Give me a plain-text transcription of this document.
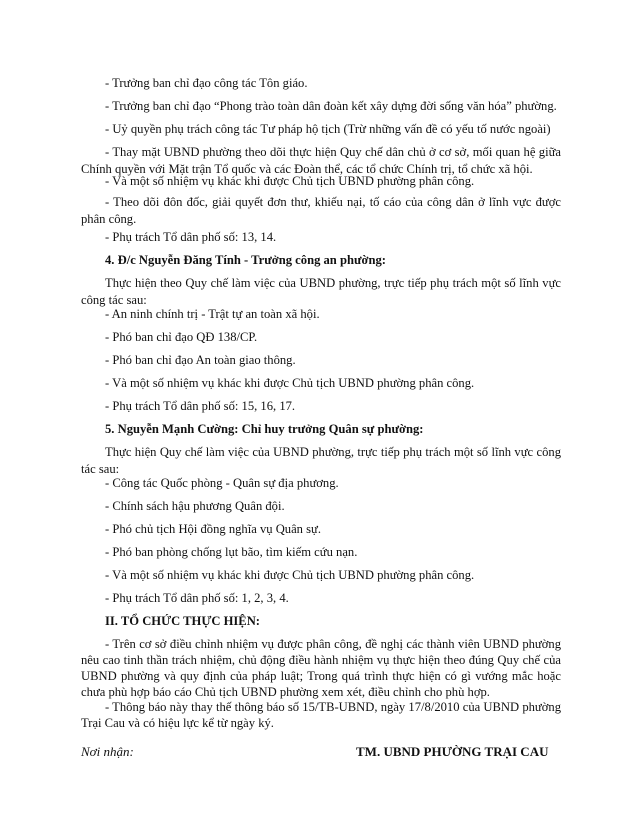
- Trưởng ban chỉ đạo công tác Tôn giáo.

- Trưởng ban chỉ đạo “Phong trào toàn dân đoàn kết xây dựng đời sống văn hóa” phường.

- Uỷ quyền phụ trách công tác Tư pháp hộ tịch (Trừ những vấn đề có yếu tố nước ngoài)

- Thay mặt UBND phường theo dõi thực hiện Quy chế dân chủ ở cơ sở, mối quan hệ giữa Chính quyền với Mặt trận Tổ quốc và các Đoàn thể, các tổ chức Chính trị, tổ chức xã hội.

- Và một số nhiệm vụ khác khi được Chủ tịch UBND phường phân công.

- Theo dõi đôn đốc, giải quyết đơn thư, khiếu nại, tố cáo của công dân ở lĩnh vực được phân công.

- Phụ trách Tổ dân phố số: 13, 14.

4. Đ/c Nguyễn Đăng Tính - Trưởng công an phường:

Thực hiện theo Quy chế làm việc của UBND phường, trực tiếp phụ trách một số lĩnh vực công tác sau:

- An ninh chính trị - Trật tự an toàn xã hội.

- Phó ban chỉ đạo QĐ 138/CP.

- Phó ban chỉ đạo An toàn giao thông.

- Và một số nhiệm vụ khác khi được Chủ tịch UBND phường phân công.

- Phụ trách Tổ dân phố số: 15, 16, 17.

5. Nguyễn Mạnh Cường: Chỉ huy trưởng Quân sự phường:

Thực hiện Quy chế làm việc của UBND phường, trực tiếp phụ trách một số lĩnh vực công tác sau:

- Công tác Quốc phòng - Quân sự địa phương.

- Chính sách hậu phương Quân đội.

- Phó chủ tịch Hội đồng nghĩa vụ Quân sự.

- Phó ban phòng chống lụt bão, tìm kiếm cứu nạn.

- Và một số nhiệm vụ khác khi được Chủ tịch UBND phường phân công.

- Phụ trách Tổ dân phố số: 1, 2, 3, 4.

II. TỔ CHỨC THỰC HIỆN:

- Trên cơ sở điều chỉnh nhiệm vụ được phân công, đề nghị các thành viên UBND phường nêu cao tinh thần trách nhiệm, chủ động điều hành nhiệm vụ thực hiện theo đúng Quy chế của UBND phường và quy định của pháp luật; Trong quá trình thực hiện có gì vướng mắc hoặc chưa phù hợp báo cáo Chủ tịch UBND phường xem xét, điều chỉnh cho phù hợp.

- Thông báo này thay thế thông báo số 15/TB-UBND, ngày 17/8/2010 của UBND phường Trại Cau và có hiệu lực kể từ ngày ký.

Nơi nhận:	TM. UBND PHƯỜNG TRẠI CAU
